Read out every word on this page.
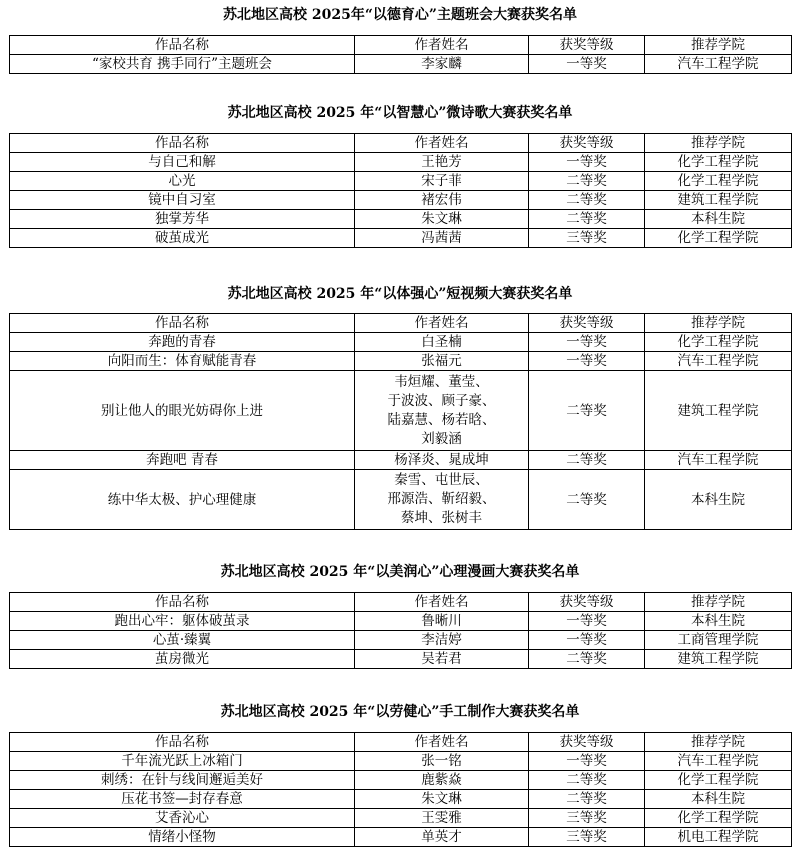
苏北地区高校 2025年“以德育心”主题班会大赛获奖名单
作品名称	作者姓名	获奖等级	推荐学院
“家校共育 携手同行”主题班会	李家麟	一等奖	汽车工程学院
苏北地区高校 2025 年“以智慧心”微诗歌大赛获奖名单
作品名称	作者姓名	获奖等级	推荐学院
与自己和解	王艳芳	一等奖	化学工程学院
心光	宋子菲	二等奖	化学工程学院
镜中自习室	褚宏伟	二等奖	建筑工程学院
独掌芳华	朱文琳	二等奖	本科生院
破茧成光	冯茜茜	三等奖	化学工程学院
苏北地区高校 2025 年“以体强心”短视频大赛获奖名单
作品名称	作者姓名	获奖等级	推荐学院
奔跑的青春	白圣楠	一等奖	化学工程学院
向阳而生：体育赋能青春	张福元	一等奖	汽车工程学院
别让他人的眼光妨碍你上进	韦烜耀、董莹、
于波波、顾子豪、
陆嘉慧、杨若晗、
刘毅涵	二等奖	建筑工程学院
奔跑吧 青春	杨泽炎、晁成坤	二等奖	汽车工程学院
练中华太极、护心理健康	秦雪、屯世辰、
邢源浩、靳绍毅、
蔡坤、张树丰	二等奖	本科生院
苏北地区高校 2025 年“以美润心”心理漫画大赛获奖名单
作品名称	作者姓名	获奖等级	推荐学院
跑出心牢：躯体破茧录	鲁晰川	一等奖	本科生院
心茧·臻翼	李洁婷	一等奖	工商管理学院
茧房微光	吴若君	二等奖	建筑工程学院
苏北地区高校 2025 年“以劳健心”手工制作大赛获奖名单
作品名称	作者姓名	获奖等级	推荐学院
千年流光跃上冰箱门	张一铭	一等奖	汽车工程学院
刺绣：在针与线间邂逅美好	鹿紫焱	二等奖	化学工程学院
压花书签—封存春意	朱文琳	二等奖	本科生院
艾香沁心	王雯雅	三等奖	化学工程学院
情绪小怪物	单英才	三等奖	机电工程学院
